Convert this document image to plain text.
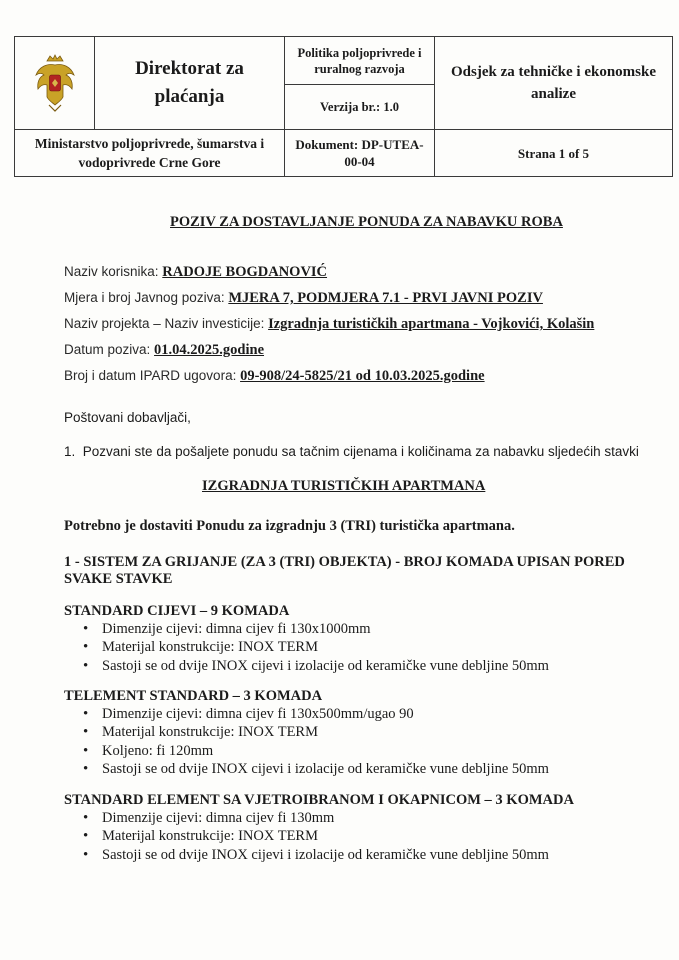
Direktorat za plaćanja	Politika poljoprivrede i ruralnog razvoja	Odsjek za tehničke i ekonomske analize
		Verzija br.: 1.0	
Ministarstvo poljoprivrede, šumarstva i vodoprivrede Crne Gore		Dokument: DP-UTEA-00-04	Strana 1 of 5
POZIV ZA DOSTAVLJANJE PONUDA ZA NABAVKU ROBA
Naziv korisnika: RADOJE BOGDANOVIĆ
Mjera i broj Javnog poziva: MJERA 7, PODMJERA 7.1 - PRVI JAVNI POZIV
Naziv projekta – Naziv investicije: Izgradnja turističkih apartmana - Vojkovići, Kolašin
Datum poziva: 01.04.2025.godine
Broj i datum IPARD ugovora: 09-908/24-5825/21 od 10.03.2025.godine
Poštovani dobavljači,
1. Pozvani ste da pošaljete ponudu sa tačnim cijenama i količinama za nabavku sljedećih stavki
IZGRADNJA TURISTIČKIH APARTMANA
Potrebno je dostaviti Ponudu za izgradnju 3 (TRI) turistička apartmana.
1 - SISTEM ZA GRIJANJE (ZA 3 (TRI) OBJEKTA) - BROJ KOMADA UPISAN PORED SVAKE STAVKE
STANDARD CIJEVI – 9 KOMADA
• Dimenzije cijevi: dimna cijev fi 130x1000mm
• Materijal konstrukcije: INOX TERM
• Sastoji se od dvije INOX cijevi i izolacije od keramičke vune debljine 50mm
TELEMENT STANDARD – 3 KOMADA
• Dimenzije cijevi: dimna cijev fi 130x500mm/ugao 90
• Materijal konstrukcije: INOX TERM
• Koljeno: fi 120mm
• Sastoji se od dvije INOX cijevi i izolacije od keramičke vune debljine 50mm
STANDARD ELEMENT SA VJETROIBRANOM I OKAPNICOM – 3 KOMADA
• Dimenzije cijevi: dimna cijev fi 130mm
• Materijal konstrukcije: INOX TERM
• Sastoji se od dvije INOX cijevi i izolacije od keramičke vune debljine 50mm
